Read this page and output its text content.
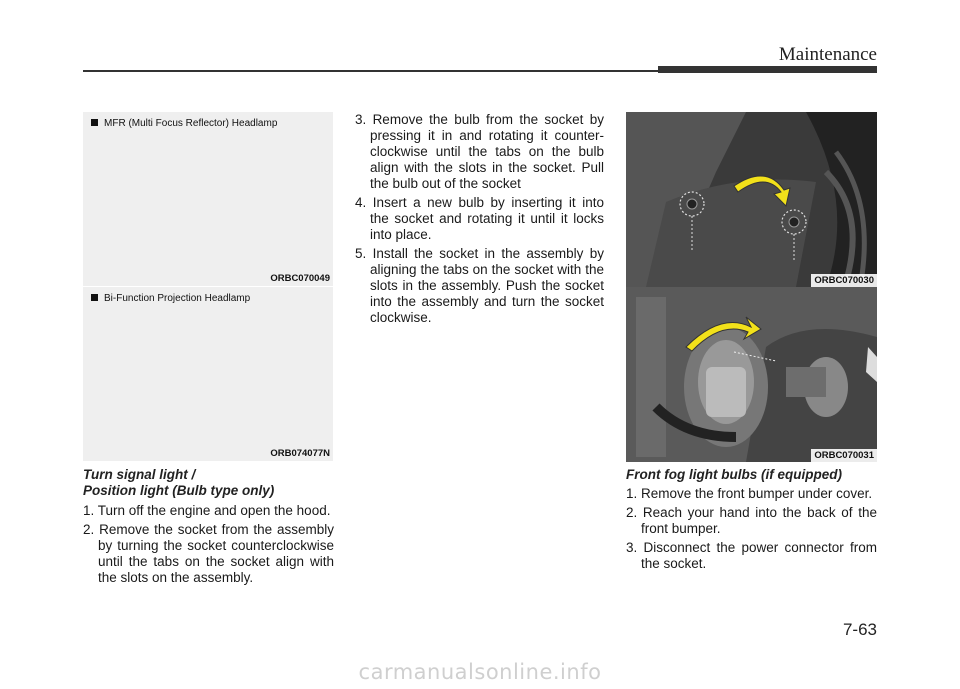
Maintenance
MFR (Multi Focus Reflector) Headlamp
ORBC070049
Bi-Function Projection Headlamp
ORB074077N
Turn signal light /
Position light (Bulb type only)
1. Turn off the engine and open the hood.
2. Remove the socket from the assembly by turning the socket counterclockwise until the tabs on the socket align with the slots on the assembly.
3. Remove the bulb from the socket by pressing it in and rotating it counter-clockwise until the tabs on the bulb align with the slots in the socket. Pull the bulb out of the socket
4. Insert a new bulb by inserting it into the socket and rotating it until it locks into place.
5. Install the socket in the assembly by aligning the tabs on the socket with the slots in the assembly. Push the socket into the assembly and turn the socket clockwise.
ORBC070030
ORBC070031
Front fog light bulbs (if equipped)
1. Remove the front bumper under cover.
2. Reach your hand into the back of the front bumper.
3. Disconnect the power connector from the socket.
7-63
carmanualsonline.info
